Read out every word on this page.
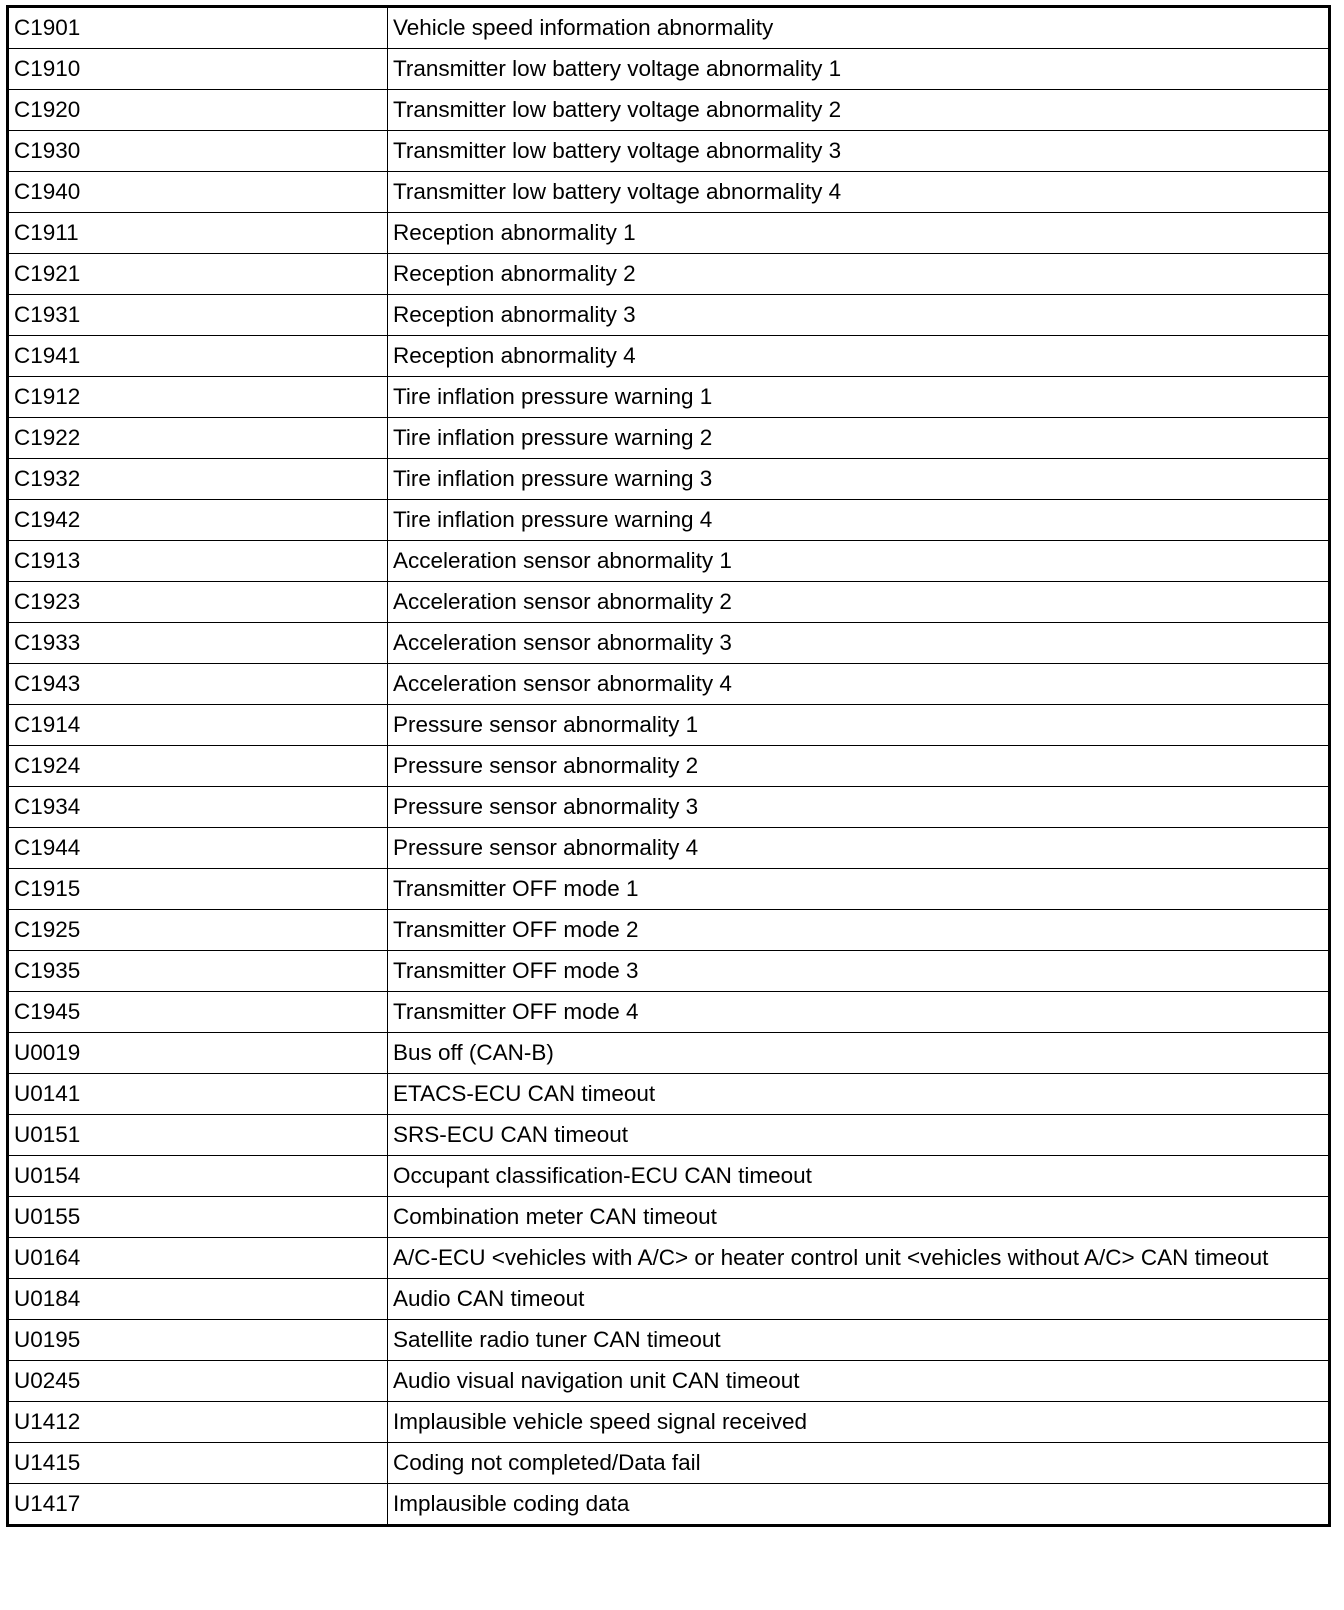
C1901	Vehicle speed information abnormality
C1910	Transmitter low battery voltage abnormality 1
C1920	Transmitter low battery voltage abnormality 2
C1930	Transmitter low battery voltage abnormality 3
C1940	Transmitter low battery voltage abnormality 4
C1911	Reception abnormality 1
C1921	Reception abnormality 2
C1931	Reception abnormality 3
C1941	Reception abnormality 4
C1912	Tire inflation pressure warning 1
C1922	Tire inflation pressure warning 2
C1932	Tire inflation pressure warning 3
C1942	Tire inflation pressure warning 4
C1913	Acceleration sensor abnormality 1
C1923	Acceleration sensor abnormality 2
C1933	Acceleration sensor abnormality 3
C1943	Acceleration sensor abnormality 4
C1914	Pressure sensor abnormality 1
C1924	Pressure sensor abnormality 2
C1934	Pressure sensor abnormality 3
C1944	Pressure sensor abnormality 4
C1915	Transmitter OFF mode 1
C1925	Transmitter OFF mode 2
C1935	Transmitter OFF mode 3
C1945	Transmitter OFF mode 4
U0019	Bus off (CAN-B)
U0141	ETACS-ECU CAN timeout
U0151	SRS-ECU CAN timeout
U0154	Occupant classification-ECU CAN timeout
U0155	Combination meter CAN timeout
U0164	A/C-ECU <vehicles with A/C> or heater control unit <vehicles without A/C> CAN timeout
U0184	Audio CAN timeout
U0195	Satellite radio tuner CAN timeout
U0245	Audio visual navigation unit CAN timeout
U1412	Implausible vehicle speed signal received
U1415	Coding not completed/Data fail
U1417	Implausible coding data
